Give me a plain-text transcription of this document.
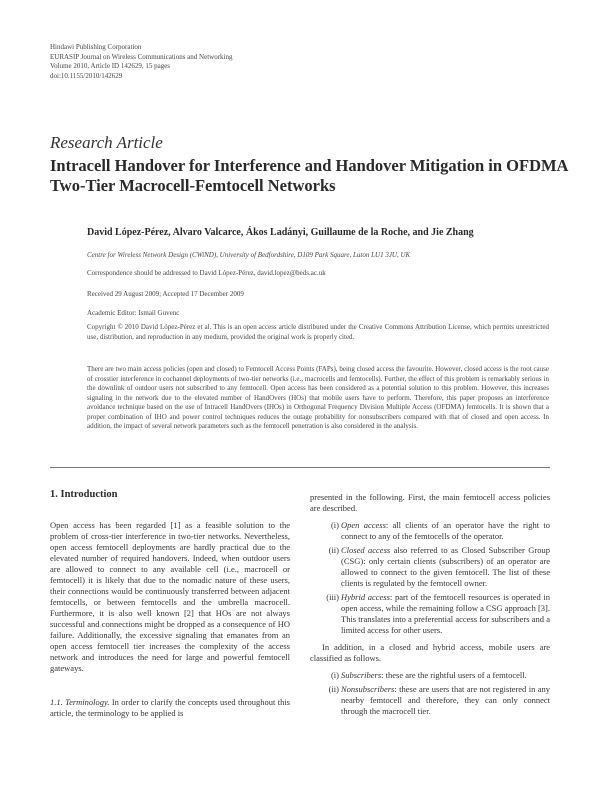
Hindawi Publishing Corporation
EURASIP Journal on Wireless Communications and Networking
Volume 2010, Article ID 142629, 15 pages
doi:10.1155/2010/142629
Research Article
Intracell Handover for Interference and Handover Mitigation in OFDMA Two-Tier Macrocell-Femtocell Networks
David López-Pérez, Alvaro Valcarce, Ákos Ladányi, Guillaume de la Roche, and Jie Zhang
Centre for Wireless Network Design (CWiND), University of Bedfordshire, D109 Park Square, Luton LU1 3JU, UK
Correspondence should be addressed to David López-Pérez, david.lopez@beds.ac.uk
Received 29 August 2009; Accepted 17 December 2009
Academic Editor: Ismail Guvenc
Copyright © 2010 David López-Pérez et al. This is an open access article distributed under the Creative Commons Attribution License, which permits unrestricted use, distribution, and reproduction in any medium, provided the original work is properly cited.
There are two main access policies (open and closed) to Femtocell Access Points (FAPs), being closed access the favourite. However, closed access is the root cause of crosstier interference in cochannel deployments of two-tier networks (i.e., macrocells and femtocells). Further, the effect of this problem is remarkably serious in the downlink of outdoor users not subscribed to any femtocell. Open access has been considered as a potential solution to this problem. However, this increases signaling in the network due to the elevated number of HandOvers (HOs) that mobile users have to perform. Therefore, this paper proposes an interference avoidance technique based on the use of Intracell HandOvers (IHOs) in Orthogonal Frequency Division Multiple Access (OFDMA) femtocells. It is shown that a proper combination of IHO and power control techniques reduces the outage probability for nonsubscribers compared with that of closed and open access. In addition, the impact of several network parameters such as the femtocell penetration is also considered in the analysis.
1. Introduction

Open access has been regarded [1] as a feasible solution to the problem of cross-tier interference in two-tier networks. Nevertheless, open access femtocell deployments are hardly practical due to the elevated number of required handovers. Indeed, when outdoor users are allowed to connect to any available cell (i.e., macrocell or femtocell) it is likely that due to the nomadic nature of these users, their connections would be continuously transferred between adjacent femtocells, or between femtocells and the umbrella macrocell. Furthermore, it is also well known [2] that HOs are not always successful and connections might be dropped as a consequence of HO failure. Additionally, the excessive signaling that emanates from an open access femtocell tier increases the complexity of the access network and introduces the need for large and powerful femtocell gateways.

1.1. Terminology. In order to clarify the concepts used throughout this article, the terminology to be applied is

presented in the following. First, the main femtocell access policies are described.

(i) Open access: all clients of an operator have the right to connect to any of the femtocells of the operator.
(ii) Closed access also referred to as Closed Subscriber Group (CSG): only certain clients (subscribers) of an operator are allowed to connect to the given femtocell. The list of these clients is regulated by the femtocell owner.
(iii) Hybrid access: part of the femtocell resources is operated in open access, while the remaining follow a CSG approach [3]. This translates into a preferential access for subscribers and a limited access for other users.

In addition, in a closed and hybrid access, mobile users are classified as follows.

(i) Subscribers: these are the rightful users of a femtocell.
(ii) Nonsubscribers: these are users that are not registered in any nearby femtocell and therefore, they can only connect through the macrocell tier.
